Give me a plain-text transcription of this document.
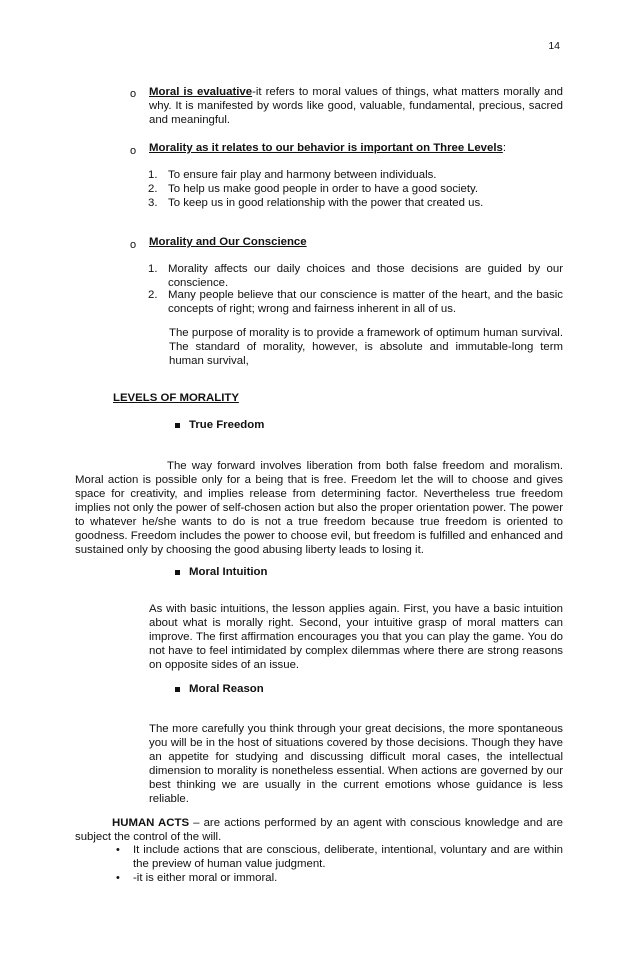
14
o Moral is evaluative-it refers to moral values of things, what matters morally and why. It is manifested by words like good, valuable, fundamental, precious, sacred and meaningful.
o Morality as it relates to our behavior is important on Three Levels:
1. To ensure fair play and harmony between individuals.
2. To help us make good people in order to have a good society.
3. To keep us in good relationship with the power that created us.
o Morality and Our Conscience
1. Morality affects our daily choices and those decisions are guided by our conscience.
2. Many people believe that our conscience is matter of the heart, and the basic concepts of right; wrong and fairness inherent in all of us.
The purpose of morality is to provide a framework of optimum human survival. The standard of morality, however, is absolute and immutable-long term human survival,
LEVELS OF MORALITY
True Freedom
The way forward involves liberation from both false freedom and moralism. Moral action is possible only for a being that is free. Freedom let the will to choose and gives space for creativity, and implies release from determining factor. Nevertheless true freedom implies not only the power of self-chosen action but also the proper orientation power. The power to whatever he/she wants to do is not a true freedom because true freedom is oriented to goodness. Freedom includes the power to choose evil, but freedom is fulfilled and enhanced and sustained only by choosing the good abusing liberty leads to losing it.
Moral Intuition
As with basic intuitions, the lesson applies again. First, you have a basic intuition about what is morally right. Second, your intuitive grasp of moral matters can improve. The first affirmation encourages you that you can play the game. You do not have to feel intimidated by complex dilemmas where there are strong reasons on opposite sides of an issue.
Moral Reason
The more carefully you think through your great decisions, the more spontaneous you will be in the host of situations covered by those decisions. Though they have an appetite for studying and discussing difficult moral cases, the intellectual dimension to morality is nonetheless essential. When actions are governed by our best thinking we are usually in the current emotions whose guidance is less reliable.
HUMAN ACTS – are actions performed by an agent with conscious knowledge and are subject the control of the will.
• It include actions that are conscious, deliberate, intentional, voluntary and are within the preview of human value judgment.
• -it is either moral or immoral.
